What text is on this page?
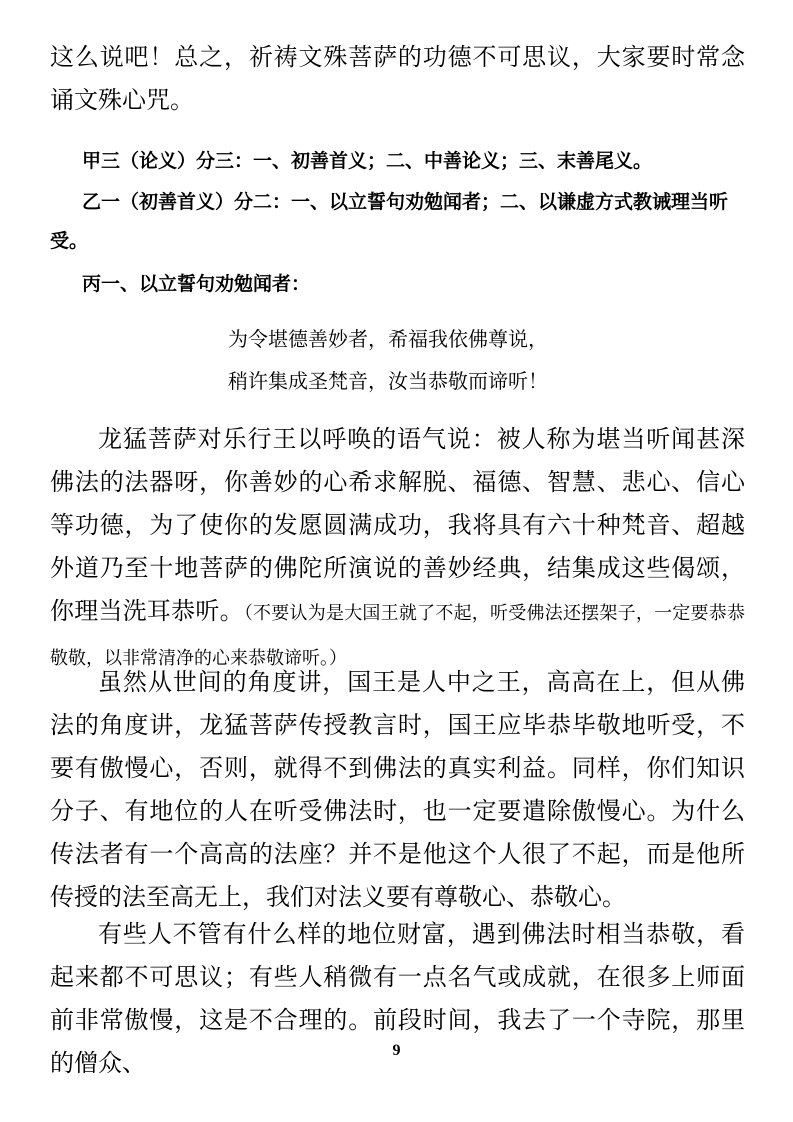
这么说吧！总之，祈祷文殊菩萨的功德不可思议，大家要时常念诵文殊心咒。

甲三（论义）分三：一、初善首义；二、中善论义；三、末善尾义。

乙一（初善首义）分二：一、以立誓句劝勉闻者；二、以谦虚方式教诫理当听受。

丙一、以立誓句劝勉闻者：

为令堪德善妙者，希福我依佛尊说，

稍许集成圣梵音，汝当恭敬而谛听！

龙猛菩萨对乐行王以呼唤的语气说：被人称为堪当听闻甚深佛法的法器呀，你善妙的心希求解脱、福德、智慧、悲心、信心等功德，为了使你的发愿圆满成功，我将具有六十种梵音、超越外道乃至十地菩萨的佛陀所演说的善妙经典，结集成这些偈颂，你理当洗耳恭听。（不要认为是大国王就了不起，听受佛法还摆架子，一定要恭恭敬敬，以非常清净的心来恭敬谛听。）

虽然从世间的角度讲，国王是人中之王，高高在上，但从佛法的角度讲，龙猛菩萨传授教言时，国王应毕恭毕敬地听受，不要有傲慢心，否则，就得不到佛法的真实利益。同样，你们知识分子、有地位的人在听受佛法时，也一定要遣除傲慢心。为什么传法者有一个高高的法座？并不是他这个人很了不起，而是他所传授的法至高无上，我们对法义要有尊敬心、恭敬心。

有些人不管有什么样的地位财富，遇到佛法时相当恭敬，看起来都不可思议；有些人稍微有一点名气或成就，在很多上师面前非常傲慢，这是不合理的。前段时间，我去了一个寺院，那里的僧众、	9
